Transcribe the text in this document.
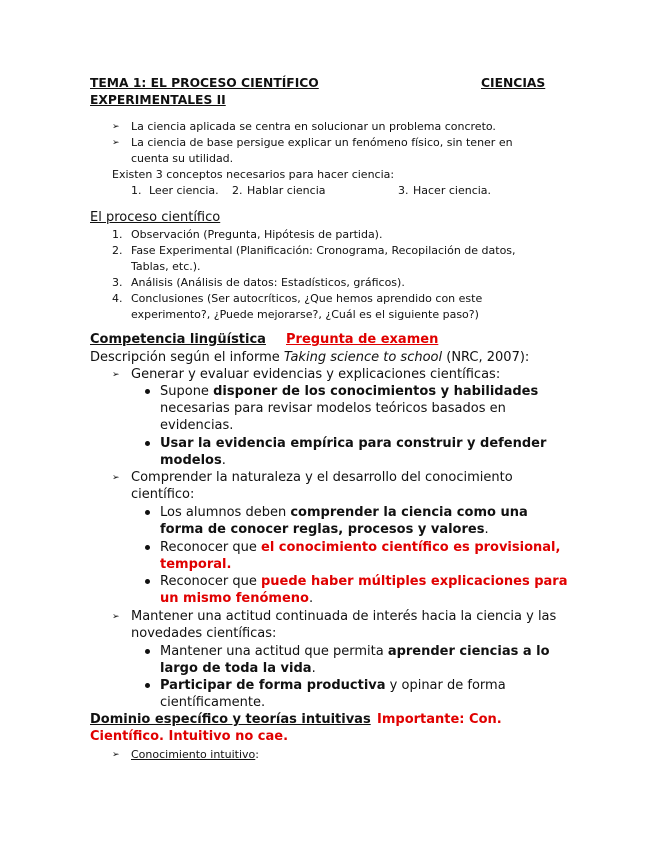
TEMA 1: EL PROCESO CIENTÍFICO	CIENCIAS
EXPERIMENTALES II
➢ La ciencia aplicada se centra en solucionar un problema concreto.
➢ La ciencia de base persigue explicar un fenómeno físico, sin tener en
cuenta su utilidad.
Existen 3 conceptos necesarios para hacer ciencia:
1. Leer ciencia. 2. Hablar ciencia	3. Hacer ciencia.
El proceso científico
1. Observación (Pregunta, Hipótesis de partida).
2. Fase Experimental (Planificación: Cronograma, Recopilación de datos,
Tablas, etc.).
3. Análisis (Análisis de datos: Estadísticos, gráficos).
4. Conclusiones (Ser autocríticos, ¿Que hemos aprendido con este
experimento?, ¿Puede mejorarse?, ¿Cuál es el siguiente paso?)
Competencia lingüística Pregunta de examen
Descripción según el informe Taking science to school (NRC, 2007):
➢ Generar y evaluar evidencias y explicaciones científicas:
Supone disponer de los conocimientos y habilidades
necesarias para revisar modelos teóricos basados en
evidencias.
Usar la evidencia empírica para construir y defender
modelos.
➢ Comprender la naturaleza y el desarrollo del conocimiento
científico:
Los alumnos deben comprender la ciencia como una
forma de conocer reglas, procesos y valores.
Reconocer que el conocimiento científico es provisional,
temporal.
Reconocer que puede haber múltiples explicaciones para
un mismo fenómeno.
➢ Mantener una actitud continuada de interés hacia la ciencia y las
novedades científicas:
Mantener una actitud que permita aprender ciencias a lo
largo de toda la vida.
Participar de forma productiva y opinar de forma
científicamente.
Dominio específico y teorías intuitivas Importante: Con.
Científico. Intuitivo no cae.
➢ Conocimiento intuitivo:
